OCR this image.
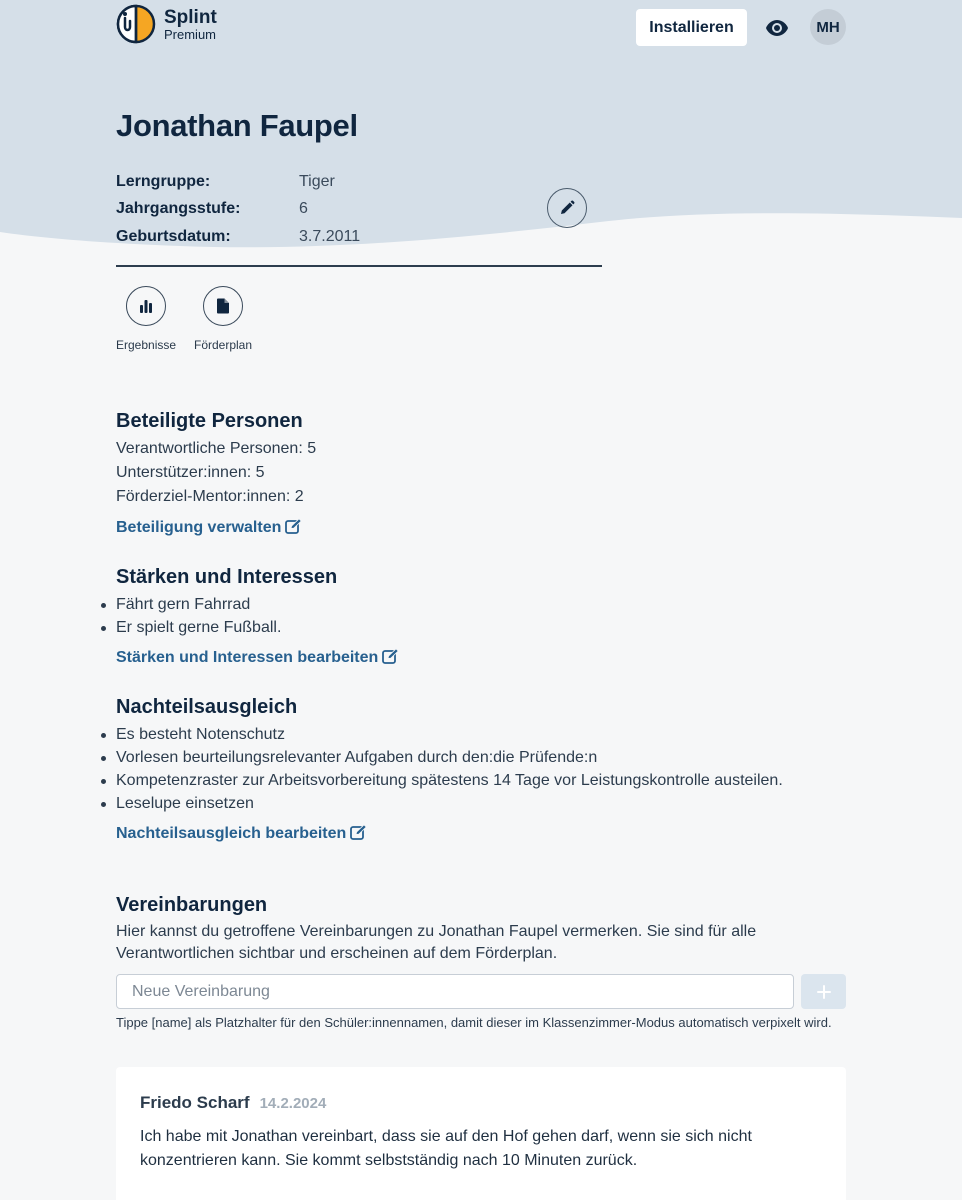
Splint
Premium	Installieren	MH
Jonathan Faupel
Lerngruppe:	Tiger
Jahrgangsstufe:	6
Geburtsdatum:	3.7.2011
Ergebnisse Förderplan
Beteiligte Personen

Verantwortliche Personen: 5

Unterstützer:innen: 5

Förderziel-Mentor:innen: 2

Beteiligung verwalten
Stärken und Interessen
Fährt gern Fahrrad
Er spielt gerne Fußball.
Stärken und Interessen bearbeiten
Nachteilsausgleich
Es besteht Notenschutz
Vorlesen beurteilungsrelevanter Aufgaben durch den:die Prüfende:n
Kompetenzraster zur Arbeitsvorbereitung spätestens 14 Tage vor Leistungskontrolle austeilen.
Leselupe einsetzen
Nachteilsausgleich bearbeiten
Vereinbarungen

Hier kannst du getroffene Vereinbarungen zu Jonathan Faupel vermerken. Sie sind für alle Verantwortlichen sichtbar und erscheinen auf dem Förderplan.

Neue Vereinbarung

Tippe [name] als Platzhalter für den Schüler:innennamen, damit dieser im Klassenzimmer-Modus automatisch verpixelt wird.

Friedo Scharf 14.2.2024

Ich habe mit Jonathan vereinbart, dass sie auf den Hof gehen darf, wenn sie sich nicht konzentrieren kann. Sie kommt selbstständig nach 10 Minuten zurück.
